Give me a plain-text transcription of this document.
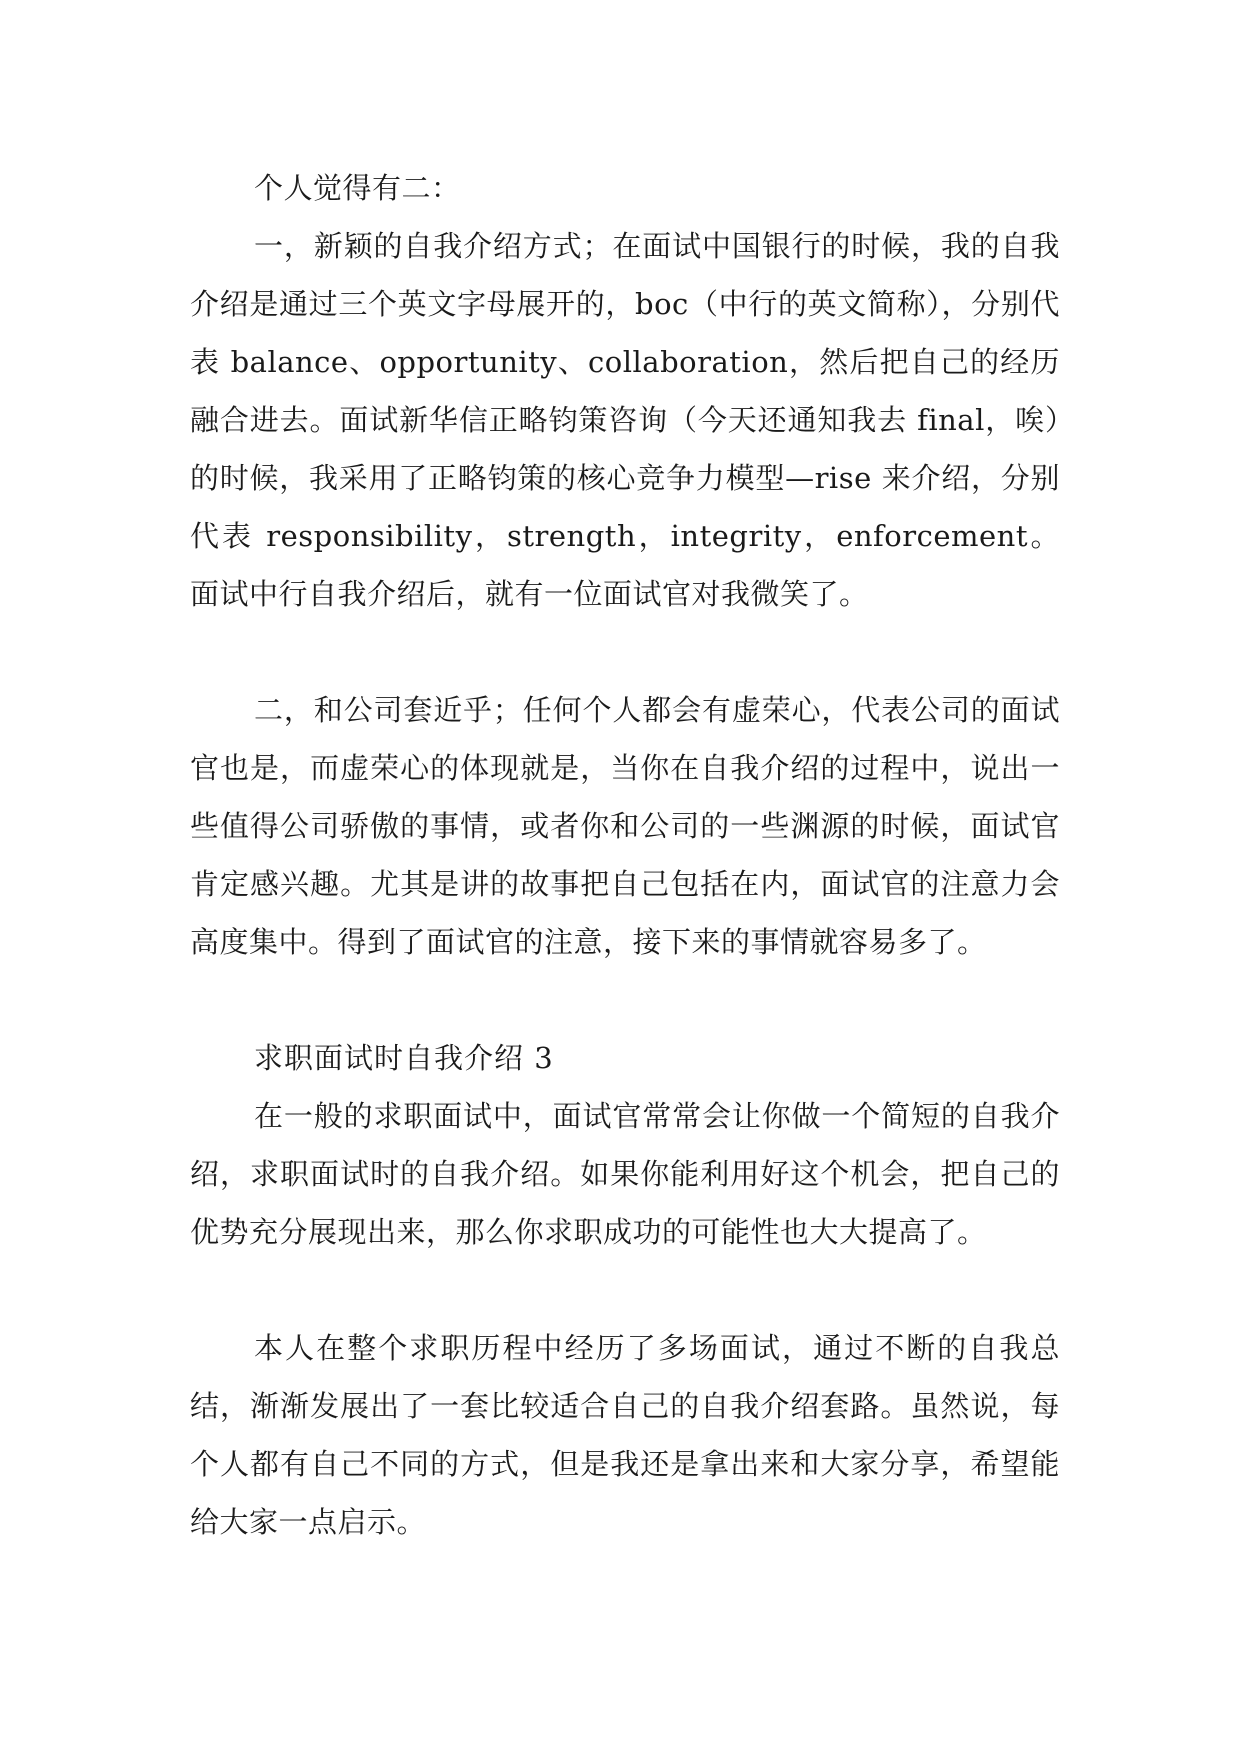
个人觉得有二：

一，新颖的自我介绍方式；在面试中国银行的时候，我的自我介绍是通过三个英文字母展开的，boc（中行的英文简称），分别代表 balance、opportunity、collaboration，然后把自己的经历融合进去。面试新华信正略钧策咨询（今天还通知我去 final，唉）的时候，我采用了正略钧策的核心竞争力模型—rise 来介绍，分别代表 responsibility，strength，integrity，enforcement。面试中行自我介绍后，就有一位面试官对我微笑了。

二，和公司套近乎；任何个人都会有虚荣心，代表公司的面试官也是，而虚荣心的体现就是，当你在自我介绍的过程中，说出一些值得公司骄傲的事情，或者你和公司的一些渊源的时候，面试官肯定感兴趣。尤其是讲的故事把自己包括在内，面试官的注意力会高度集中。得到了面试官的注意，接下来的事情就容易多了。

求职面试时自我介绍 3

在一般的求职面试中，面试官常常会让你做一个简短的自我介绍，求职面试时的自我介绍。如果你能利用好这个机会，把自己的优势充分展现出来，那么你求职成功的可能性也大大提高了。

本人在整个求职历程中经历了多场面试，通过不断的自我总结，渐渐发展出了一套比较适合自己的自我介绍套路。虽然说，每个人都有自己不同的方式，但是我还是拿出来和大家分享，希望能给大家一点启示。
